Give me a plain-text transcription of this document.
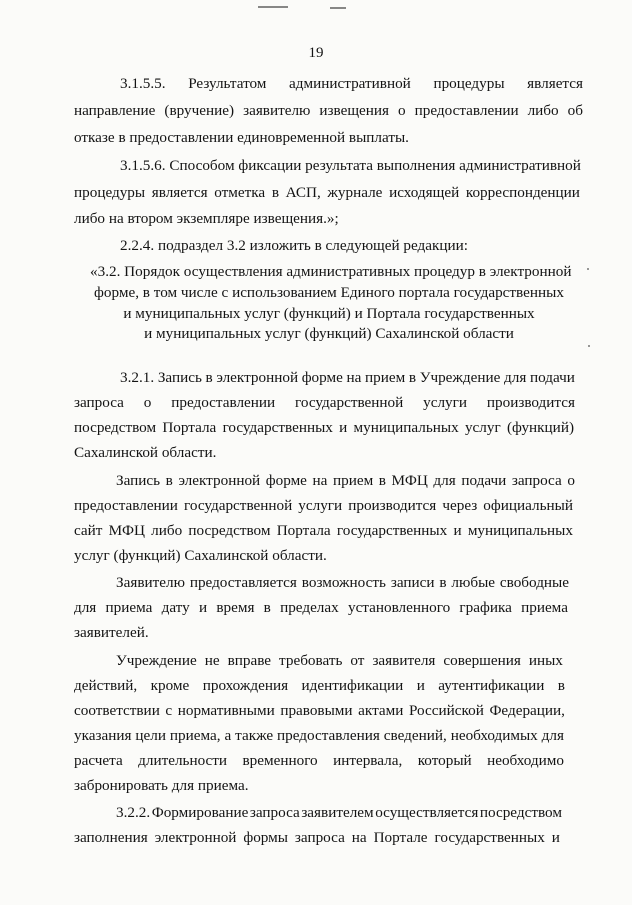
19
3.1.5.5. Результатом административной процедуры является
направление (вручение) заявителю извещения о предоставлении либо об
отказе в предоставлении единовременной выплаты.
3.1.5.6. Способом фиксации результата выполнения административной
процедуры является отметка в АСП, журнале исходящей корреспонденции
либо на втором экземпляре извещения.»;
2.2.4. подраздел 3.2 изложить в следующей редакции:
«3.2. Порядок осуществления административных процедур в электронной
форме, в том числе с использованием Единого портала государственных
и муниципальных услуг (функций) и Портала государственных
и муниципальных услуг (функций) Сахалинской области
3.2.1. Запись в электронной форме на прием в Учреждение для подачи
запроса о предоставлении государственной услуги производится
посредством Портала государственных и муниципальных услуг (функций)
Сахалинской области.
Запись в электронной форме на прием в МФЦ для подачи запроса о
предоставлении государственной услуги производится через официальный
сайт МФЦ либо посредством Портала государственных и муниципальных
услуг (функций) Сахалинской области.
Заявителю предоставляется возможность записи в любые свободные
для приема дату и время в пределах установленного графика приема
заявителей.
Учреждение не вправе требовать от заявителя совершения иных
действий, кроме прохождения идентификации и аутентификации в
соответствии с нормативными правовыми актами Российской Федерации,
указания цели приема, а также предоставления сведений, необходимых для
расчета длительности временного интервала, который необходимо
забронировать для приема.
3.2.2. Формирование запроса заявителем осуществляется посредством
заполнения электронной формы запроса на Портале государственных и
